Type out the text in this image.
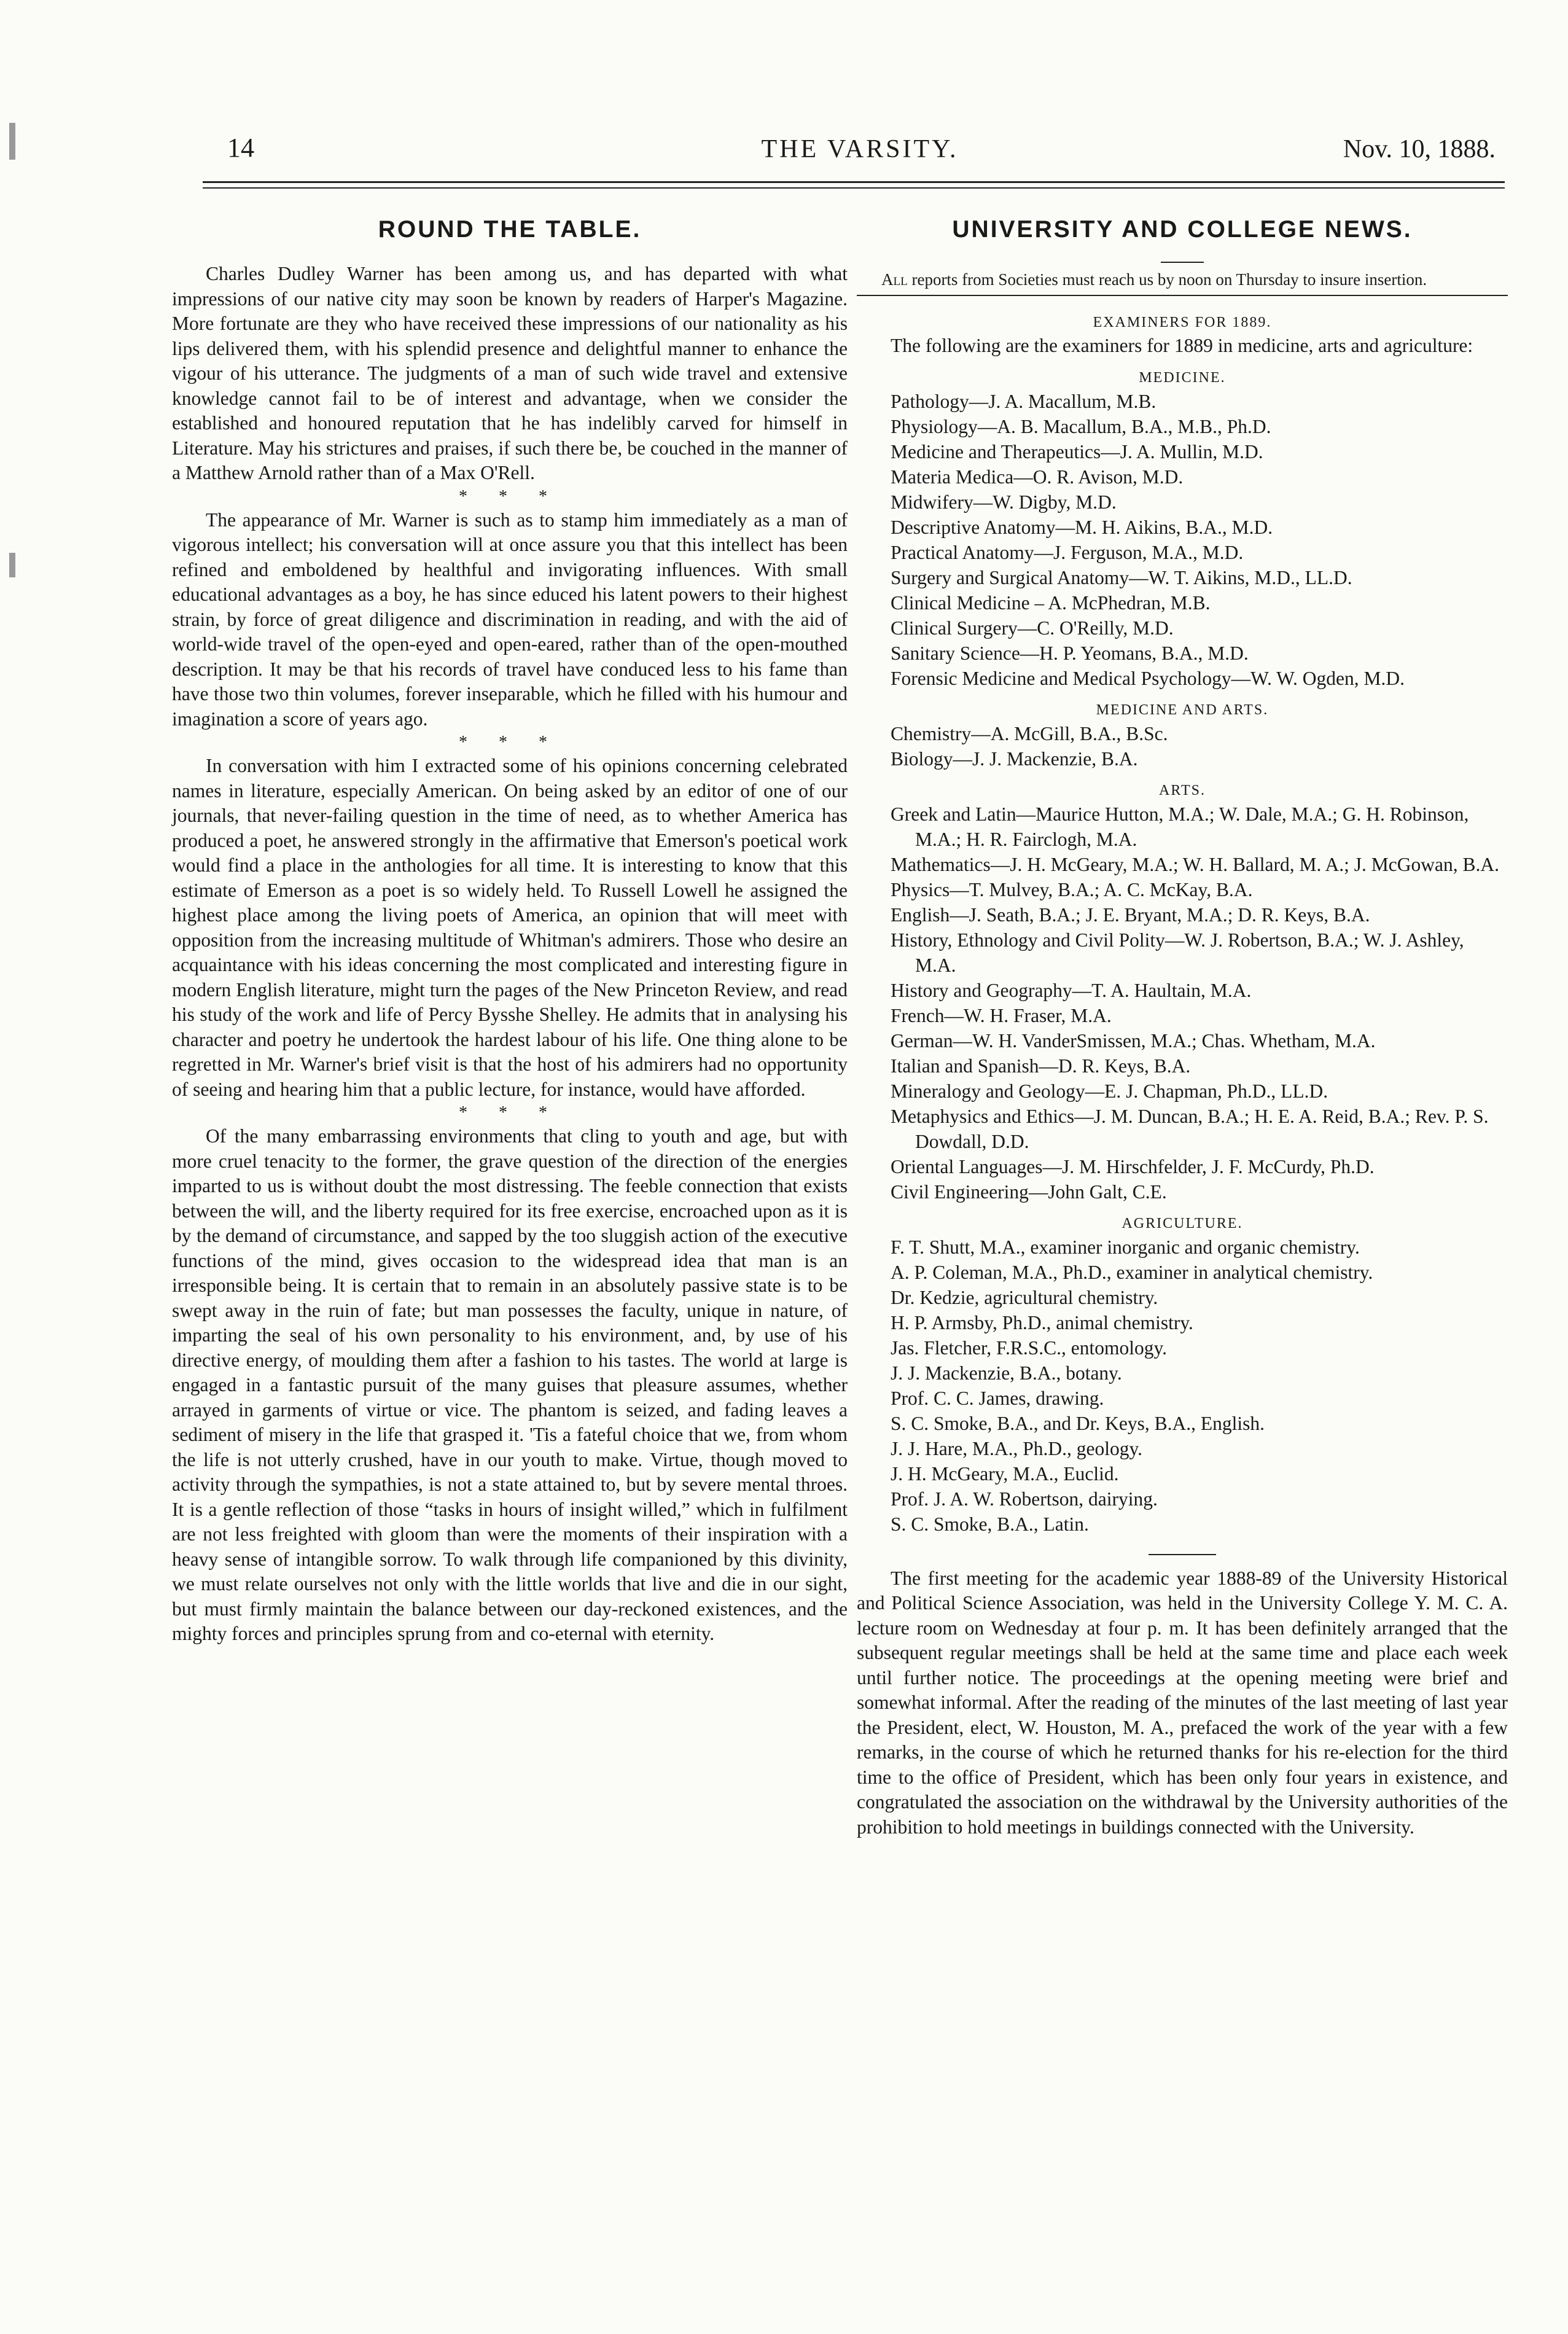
14	THE VARSITY.	Nov. 10, 1888.
ROUND THE TABLE.

Charles Dudley Warner has been among us, and has departed with what impressions of our native city may soon be known by readers of Harper's Magazine. More fortunate are they who have received these impressions of our nationality as his lips delivered them, with his splendid presence and delightful manner to enhance the vigour of his utterance. The judgments of a man of such wide travel and extensive knowledge cannot fail to be of interest and advantage, when we consider the established and honoured reputation that he has indelibly carved for himself in Literature. May his strictures and praises, if such there be, be couched in the manner of a Matthew Arnold rather than of a Max O'Rell.

* * *

The appearance of Mr. Warner is such as to stamp him immediately as a man of vigorous intellect; his conversation will at once assure you that this intellect has been refined and emboldened by healthful and invigorating influences. With small educational advantages as a boy, he has since educed his latent powers to their highest strain, by force of great diligence and discrimination in reading, and with the aid of world-wide travel of the open-eyed and open-eared, rather than of the open-mouthed description. It may be that his records of travel have conduced less to his fame than have those two thin volumes, forever inseparable, which he filled with his humour and imagination a score of years ago.

* * *

In conversation with him I extracted some of his opinions concerning celebrated names in literature, especially American. On being asked by an editor of one of our journals, that never-failing question in the time of need, as to whether America has produced a poet, he answered strongly in the affirmative that Emerson's poetical work would find a place in the anthologies for all time. It is interesting to know that this estimate of Emerson as a poet is so widely held. To Russell Lowell he assigned the highest place among the living poets of America, an opinion that will meet with opposition from the increasing multitude of Whitman's admirers. Those who desire an acquaintance with his ideas concerning the most complicated and interesting figure in modern English literature, might turn the pages of the New Princeton Review, and read his study of the work and life of Percy Bysshe Shelley. He admits that in analysing his character and poetry he undertook the hardest labour of his life. One thing alone to be regretted in Mr. Warner's brief visit is that the host of his admirers had no opportunity of seeing and hearing him that a public lecture, for instance, would have afforded.

* * *

Of the many embarrassing environments that cling to youth and age, but with more cruel tenacity to the former, the grave question of the direction of the energies imparted to us is without doubt the most distressing. The feeble connection that exists between the will, and the liberty required for its free exercise, encroached upon as it is by the demand of circumstance, and sapped by the too sluggish action of the executive functions of the mind, gives occasion to the widespread idea that man is an irresponsible being. It is certain that to remain in an absolutely passive state is to be swept away in the ruin of fate; but man possesses the faculty, unique in nature, of imparting the seal of his own personality to his environment, and, by use of his directive energy, of moulding them after a fashion to his tastes. The world at large is engaged in a fantastic pursuit of the many guises that pleasure assumes, whether arrayed in garments of virtue or vice. The phantom is seized, and fading leaves a sediment of misery in the life that grasped it. 'Tis a fateful choice that we, from whom the life is not utterly crushed, have in our youth to make. Virtue, though moved to activity through the sympathies, is not a state attained to, but by severe mental throes. It is a gentle reflection of those “tasks in hours of insight willed,” which in fulfilment are not less freighted with gloom than were the moments of their inspiration with a heavy sense of intangible sorrow. To walk through life companioned by this divinity, we must relate ourselves not only with the little worlds that live and die in our sight, but must firmly maintain the balance between our day-reckoned existences, and the mighty forces and principles sprung from and co-eternal with eternity.

UNIVERSITY AND COLLEGE NEWS.

All reports from Societies must reach us by noon on Thursday to insure insertion.

EXAMINERS FOR 1889.

The following are the examiners for 1889 in medicine, arts and agriculture:

MEDICINE.

Pathology—J. A. Macallum, M.B.

Physiology—A. B. Macallum, B.A., M.B., Ph.D.

Medicine and Therapeutics—J. A. Mullin, M.D.

Materia Medica—O. R. Avison, M.D.

Midwifery—W. Digby, M.D.

Descriptive Anatomy—M. H. Aikins, B.A., M.D.

Practical Anatomy—J. Ferguson, M.A., M.D.

Surgery and Surgical Anatomy—W. T. Aikins, M.D., LL.D.

Clinical Medicine – A. McPhedran, M.B.

Clinical Surgery—C. O'Reilly, M.D.

Sanitary Science—H. P. Yeomans, B.A., M.D.

Forensic Medicine and Medical Psychology—W. W. Ogden, M.D.

MEDICINE AND ARTS.

Chemistry—A. McGill, B.A., B.Sc.

Biology—J. J. Mackenzie, B.A.

ARTS.

Greek and Latin—Maurice Hutton, M.A.; W. Dale, M.A.; G. H. Robinson, M.A.; H. R. Fairclogh, M.A.

Mathematics—J. H. McGeary, M.A.; W. H. Ballard, M. A.; J. McGowan, B.A.

Physics—T. Mulvey, B.A.; A. C. McKay, B.A.

English—J. Seath, B.A.; J. E. Bryant, M.A.; D. R. Keys, B.A.

History, Ethnology and Civil Polity—W. J. Robertson, B.A.; W. J. Ashley, M.A.

History and Geography—T. A. Haultain, M.A.

French—W. H. Fraser, M.A.

German—W. H. VanderSmissen, M.A.; Chas. Whetham, M.A.

Italian and Spanish—D. R. Keys, B.A.

Mineralogy and Geology—E. J. Chapman, Ph.D., LL.D.

Metaphysics and Ethics—J. M. Duncan, B.A.; H. E. A. Reid, B.A.; Rev. P. S. Dowdall, D.D.

Oriental Languages—J. M. Hirschfelder, J. F. McCurdy, Ph.D.

Civil Engineering—John Galt, C.E.

AGRICULTURE.

F. T. Shutt, M.A., examiner inorganic and organic chemistry.

A. P. Coleman, M.A., Ph.D., examiner in analytical chemistry.

Dr. Kedzie, agricultural chemistry.

H. P. Armsby, Ph.D., animal chemistry.

Jas. Fletcher, F.R.S.C., entomology.

J. J. Mackenzie, B.A., botany.

Prof. C. C. James, drawing.

S. C. Smoke, B.A., and Dr. Keys, B.A., English.

J. J. Hare, M.A., Ph.D., geology.

J. H. McGeary, M.A., Euclid.

Prof. J. A. W. Robertson, dairying.

S. C. Smoke, B.A., Latin.

The first meeting for the academic year 1888-89 of the University Historical and Political Science Association, was held in the University College Y. M. C. A. lecture room on Wednesday at four p. m. It has been definitely arranged that the subsequent regular meetings shall be held at the same time and place each week until further notice. The proceedings at the opening meeting were brief and somewhat informal. After the reading of the minutes of the last meeting of last year the President, elect, W. Houston, M. A., prefaced the work of the year with a few remarks, in the course of which he returned thanks for his re-election for the third time to the office of President, which has been only four years in existence, and congratulated the association on the withdrawal by the University authorities of the prohibition to hold meetings in buildings connected with the University.
